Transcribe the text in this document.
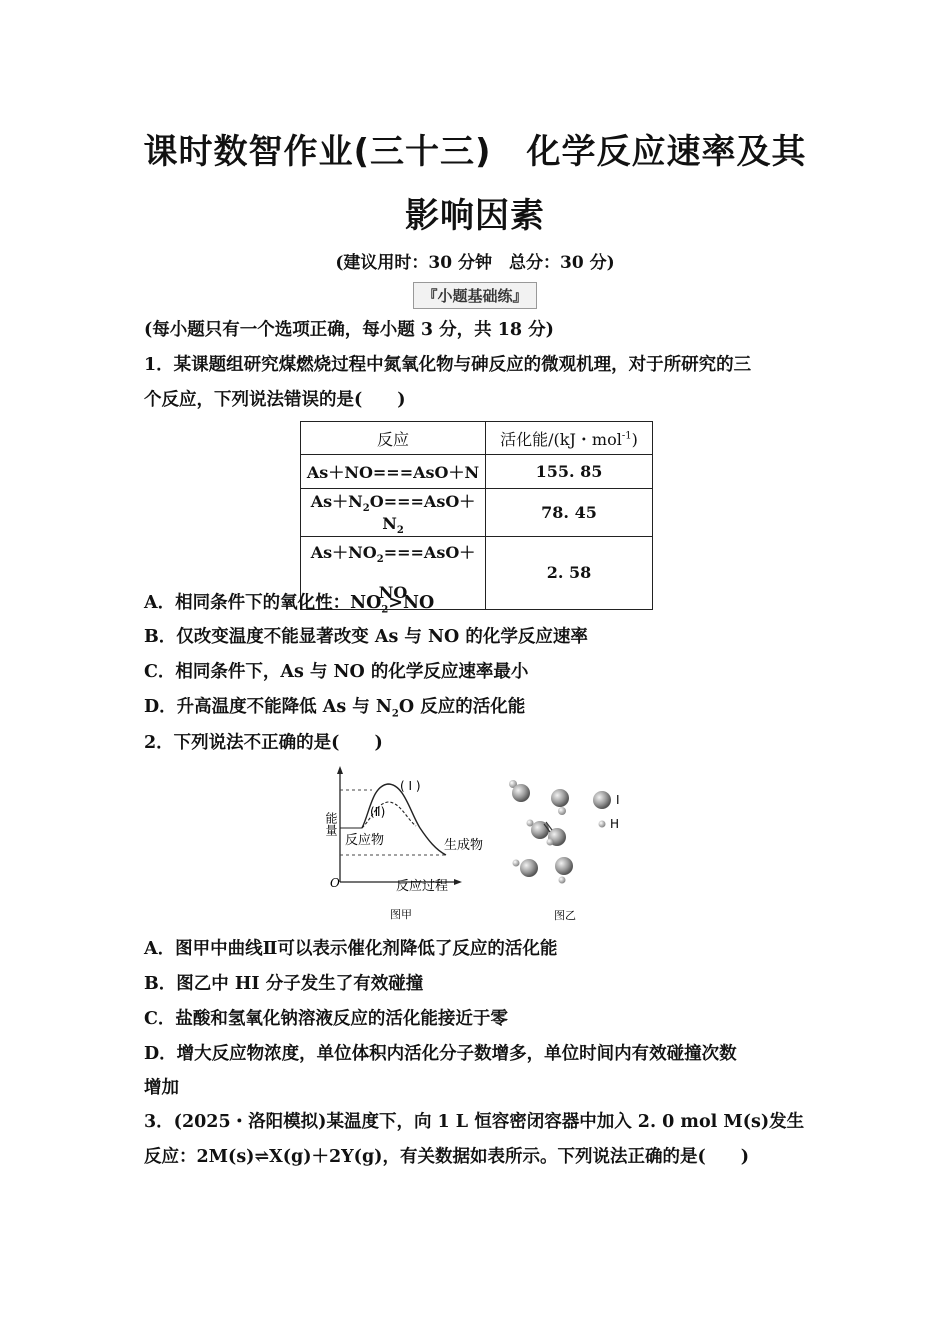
课时数智作业(三十三)　化学反应速率及其
影响因素
(建议用时：30 分钟　总分：30 分)
『小题基础练』
(每小题只有一个选项正确，每小题 3 分，共 18 分)
1．某课题组研究煤燃烧过程中氮氧化物与砷反应的微观机理，对于所研究的三
个反应，下列说法错误的是(　　)
反应	活化能/(kJ・mol$^{-1}$)
As＋NO===AsO＋N	155. 85
$As+N_2O===AsO+N_2$	78. 45
$As+NO_2===AsO+$
NO	2. 58
A．相同条件下的氧化性：$NO_2>NO$
B．仅改变温度不能显著改变 As 与 NO 的化学反应速率
C．相同条件下，As 与 NO 的化学反应速率最小
D．升高温度不能降低 As 与 $N_2O$ 反应的活化能
2．下列说法不正确的是(　　)
能量
O	反应过程
( I )
(Ⅱ)
反应物	生成物
图甲
I
H
图乙
A．图甲中曲线Ⅱ可以表示催化剂降低了反应的活化能
B．图乙中 HI 分子发生了有效碰撞
C．盐酸和氢氧化钠溶液反应的活化能接近于零
D．增大反应物浓度，单位体积内活化分子数增多，单位时间内有效碰撞次数
增加
3．(2025・洛阳模拟)某温度下，向 1 L 恒容密闭容器中加入 2. 0 mol M(s)发生
反应：2M(s)⇌X(g)＋2Y(g)，有关数据如表所示。下列说法正确的是(　　)
